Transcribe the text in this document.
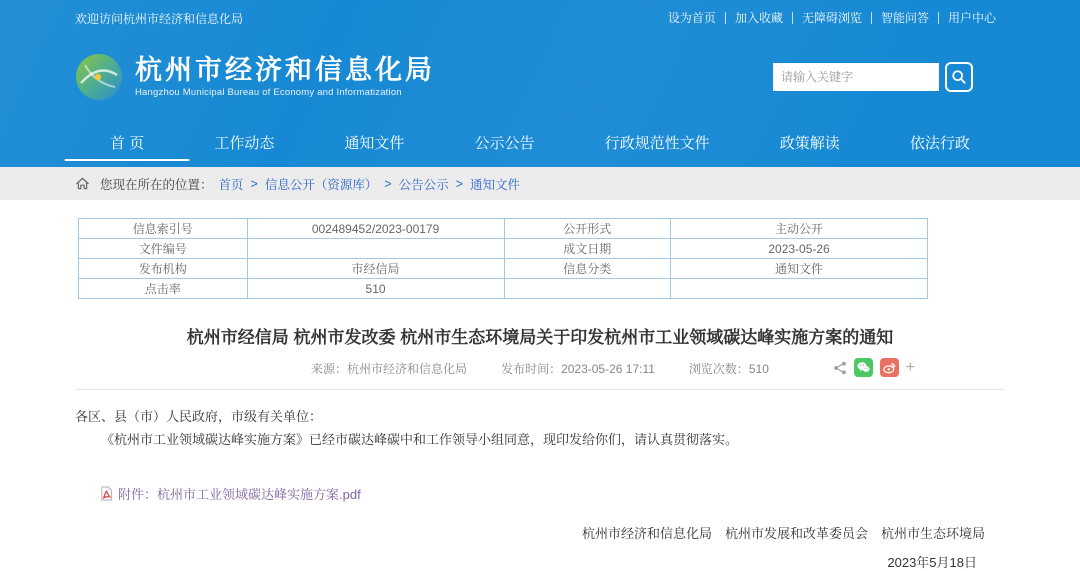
欢迎访问杭州市经济和信息化局	设为首页	加入收藏	无障碍浏览	智能问答	用户中心
杭州市经济和信息化局
Hangzhou Municipal Bureau of Economy and Informatization
请输入关键字
首 页	工作动态	通知文件	公示公告	行政规范性文件	政策解读	依法行政
您现在所在的位置： 首页 > 信息公开（资源库） > 公告公示 > 通知文件
信息索引号	002489452/2023-00179	公开形式	主动公开
文件编号		成文日期	2023-05-26
发布机构	市经信局	信息分类	通知文件
点击率	510		
杭州市经信局 杭州市发改委 杭州市生态环境局关于印发杭州市工业领域碳达峰实施方案的通知
来源：杭州市经济和信息化局	发布时间：2023-05-26 17:11	浏览次数：510	+

各区、县（市）人民政府，市级有关单位：

《杭州市工业领域碳达峰实施方案》已经市碳达峰碳中和工作领导小组同意，现印发给你们，请认真贯彻落实。

附件：杭州市工业领域碳达峰实施方案.pdf
杭州市经济和信息化局　杭州市发展和改革委员会　杭州市生态环境局
2023年5月18日
